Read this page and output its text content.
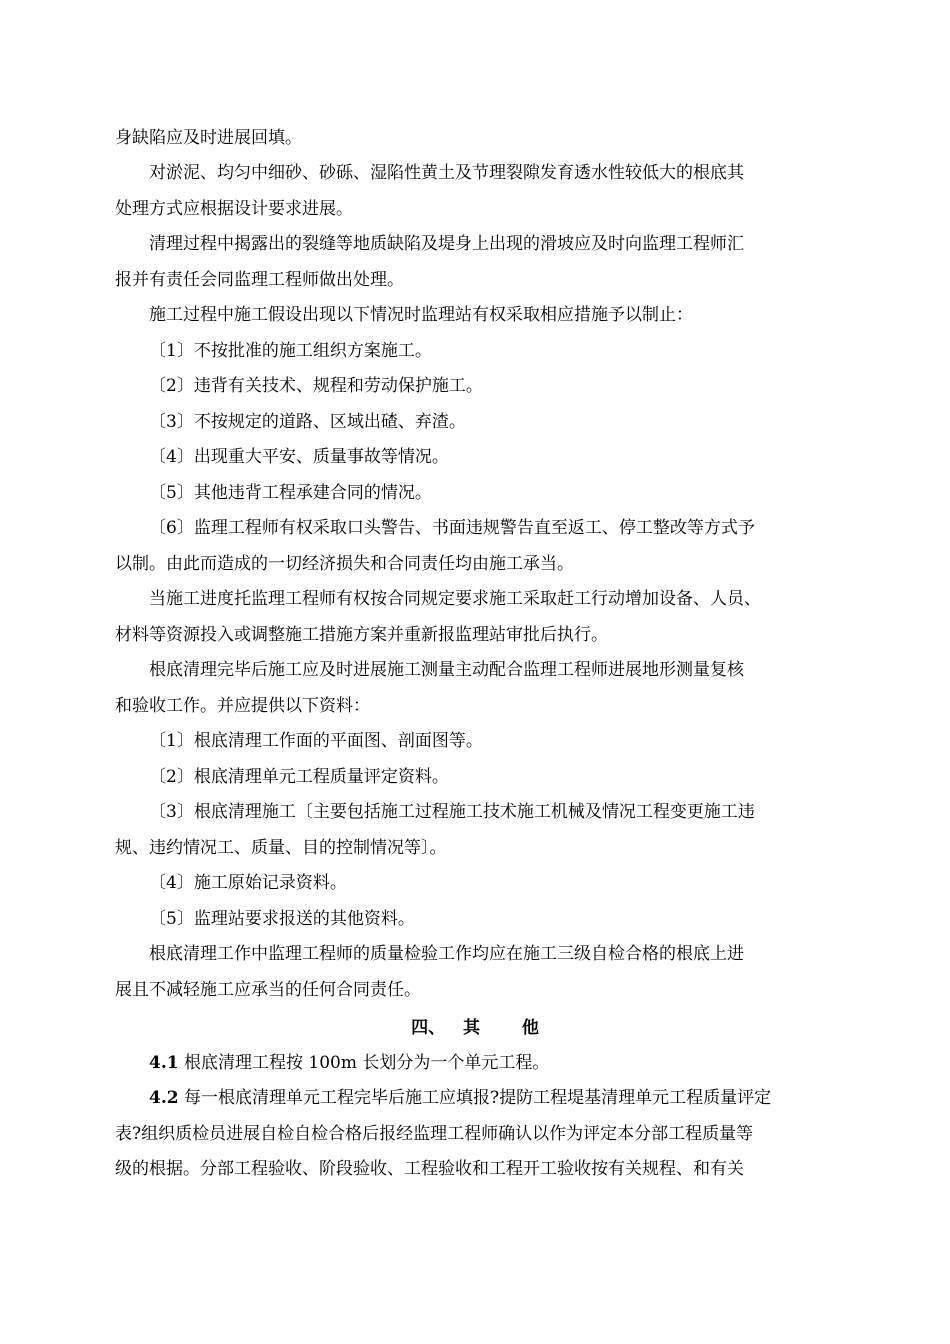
身缺陷应及时进展回填。

对淤泥、均匀中细砂、砂砾、湿陷性黄土及节理裂隙发育透水性较低大的根底其

处理方式应根据设计要求进展。

清理过程中揭露出的裂缝等地质缺陷及堤身上出现的滑坡应及时向监理工程师汇

报并有责任会同监理工程师做出处理。

施工过程中施工假设出现以下情况时监理站有权采取相应措施予以制止：

〔1〕不按批准的施工组织方案施工。

〔2〕违背有关技术、规程和劳动保护施工。

〔3〕不按规定的道路、区域出碴、弃渣。

〔4〕出现重大平安、质量事故等情况。

〔5〕其他违背工程承建合同的情况。

〔6〕监理工程师有权采取口头警告、书面违规警告直至返工、停工整改等方式予

以制。由此而造成的一切经济损失和合同责任均由施工承当。

当施工进度托监理工程师有权按合同规定要求施工采取赶工行动增加设备、人员、

材料等资源投入或调整施工措施方案并重新报监理站审批后执行。

根底清理完毕后施工应及时进展施工测量主动配合监理工程师进展地形测量复核

和验收工作。并应提供以下资料：

〔1〕根底清理工作面的平面图、剖面图等。

〔2〕根底清理单元工程质量评定资料。

〔3〕根底清理施工〔主要包括施工过程施工技术施工机械及情况工程变更施工违

规、违约情况工、质量、目的控制情况等〕。

〔4〕施工原始记录资料。

〔5〕监理站要求报送的其他资料。

根底清理工作中监理工程师的质量检验工作均应在施工三级自检合格的根底上进

展且不减轻施工应承当的任何合同责任。

四、 其 他

4.1 根底清理工程按 100m 长划分为一个单元工程。

4.2 每一根底清理单元工程完毕后施工应填报?提防工程堤基清理单元工程质量评定

表?组织质检员进展自检自检合格后报经监理工程师确认以作为评定本分部工程质量等

级的根据。分部工程验收、阶段验收、工程验收和工程开工验收按有关规程、和有关
